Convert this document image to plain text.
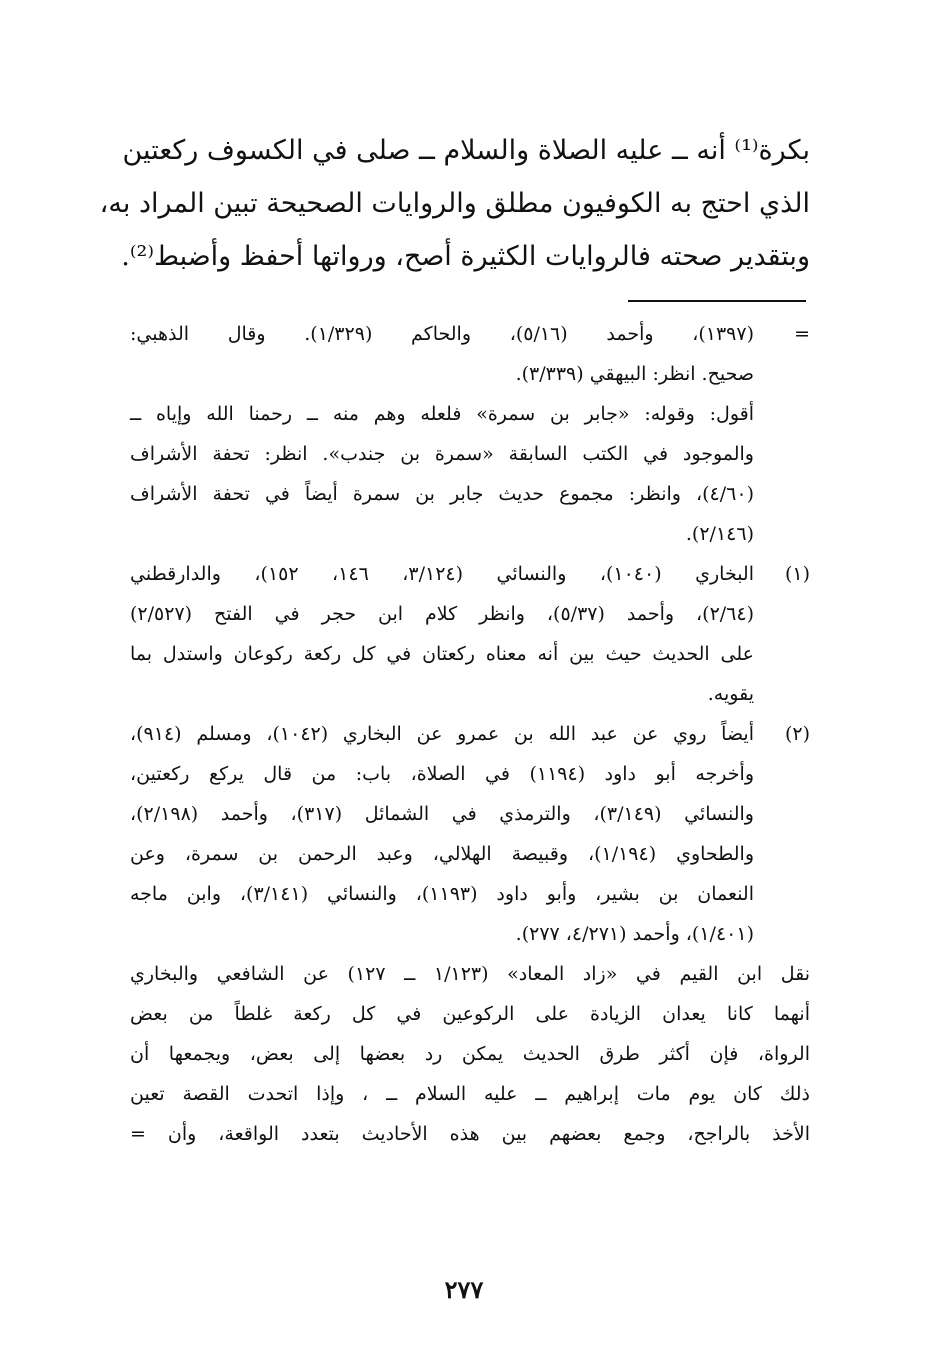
بكرة⁽¹⁾ أنه ــ عليه الصلاة والسلام ــ صلى في الكسوف ركعتين
الذي احتج به الكوفيون مطلق والروايات الصحيحة تبين المراد به،
وبتقدير صحته فالروايات الكثيرة أصح، ورواتها أحفظ وأضبط⁽²⁾.
=
(١٣٩٧)، وأحمد (٥/١٦)، والحاكم (١/٣٢٩). وقال الذهبي:
صحيح. انظر: البيهقي (٣/٣٣٩).
أقول: وقوله: «جابر بن سمرة» فلعله وهم منه ــ رحمنا الله وإياه ــ
والموجود في الكتب السابقة «سمرة بن جندب». انظر: تحفة الأشراف
(٤/٦٠)، وانظر: مجموع حديث جابر بن سمرة أيضاً في تحفة الأشراف
(٢/١٤٦).
(١)
البخاري (١٠٤٠)، والنسائي (٣/١٢٤، ١٤٦، ١٥٢)، والدارقطني
(٢/٦٤)، وأحمد (٥/٣٧)، وانظر كلام ابن حجر في الفتح (٢/٥٢٧)
على الحديث حيث بين أنه معناه ركعتان في كل ركعة ركوعان واستدل بما
يقويه.
(٢)
أيضاً روي عن عبد الله بن عمرو عن البخاري (١٠٤٢)، ومسلم (٩١٤)،
وأخرجه أبو داود (١١٩٤) في الصلاة، باب: من قال يركع ركعتين،
والنسائي (٣/١٤٩)، والترمذي في الشمائل (٣١٧)، وأحمد (٢/١٩٨)،
والطحاوي (١/١٩٤)، وقبيصة الهلالي، وعبد الرحمن بن سمرة، وعن
النعمان بن بشير، وأبو داود (١١٩٣)، والنسائي (٣/١٤١)، وابن ماجه
(١/٤٠١)، وأحمد (٤/٢٧١، ٢٧٧).
نقل ابن القيم في «زاد المعاد» (١/١٢٣ ــ ١٢٧) عن الشافعي والبخاري
أنهما كانا يعدان الزيادة على الركوعين في كل ركعة غلطاً من بعض
الرواة، فإن أكثر طرق الحديث يمكن رد بعضها إلى بعض، ويجمعها أن
ذلك كان يوم مات إبراهيم ــ عليه السلام ــ ، وإذا اتحدت القصة تعين
الأخذ بالراجح، وجمع بعضهم بين هذه الأحاديث بتعدد الواقعة، وأن =
٢٧٧
